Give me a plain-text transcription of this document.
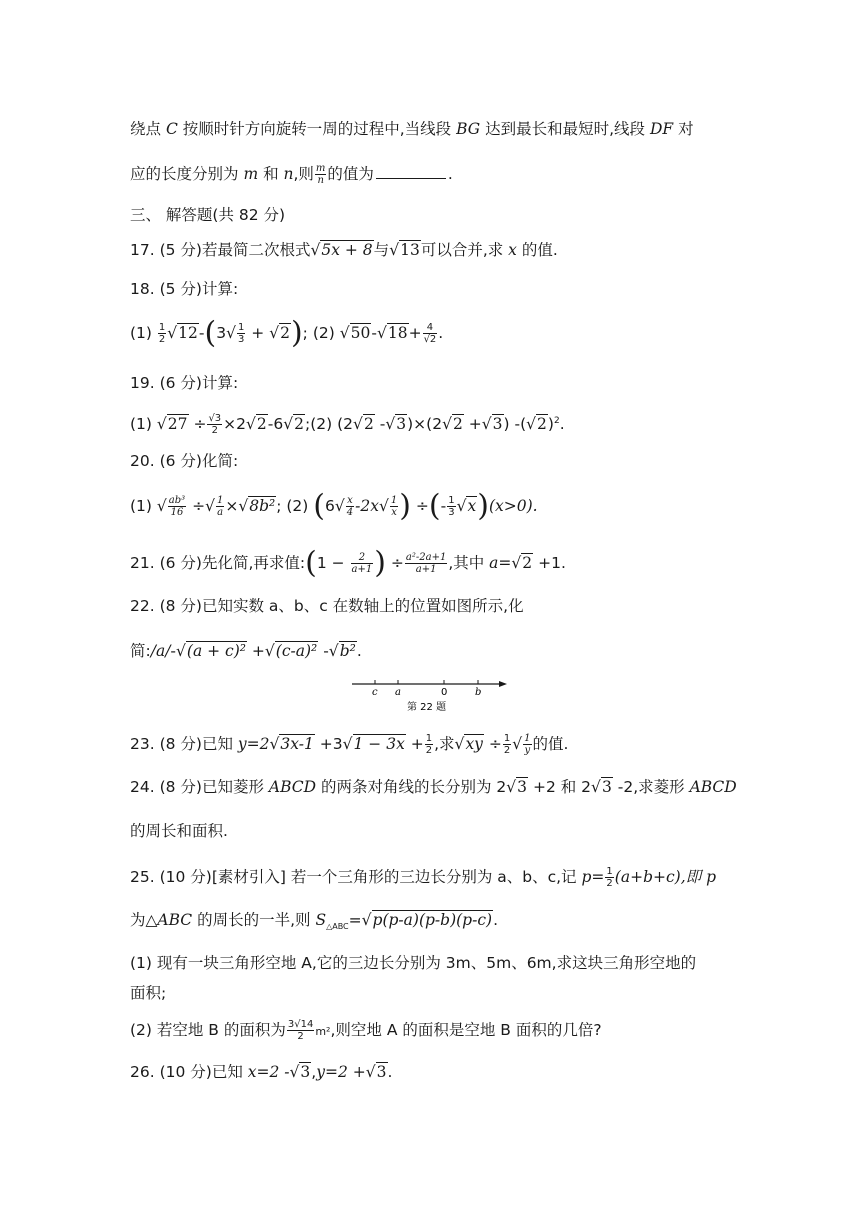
绕点 C 按顺时针方向旋转一周的过程中,当线段 BG 达到最长和最短时,线段 DF 对
应的长度分别为 m 和 n,则 $\frac{m}{n}$ 的值为	.
三、 解答题(共 82 分)
17. (5 分)若最简二次根式√5x + 8与√13可以合并,求 x 的值.
18. (5 分)计算:
$(1) \frac{1}{2} √12-(3√ \frac{1}{3} + √2)$; (2) $√50-√18+ \frac{4}{√2}$ .
19. (6 分)计算:
(1) $√27 \div \frac{√3}{2}$ ×2√2-6√2;(2) (2√2 -√3)×(2√2 +√3) $-(√2)^2$.
20. (6 分)化简:
(1) √ $\frac{\text{ab³}}{16}$ ÷√ $\frac{1}{a} \times√8b^2$; (2) ($6√ \frac{x}{4} -2x√ \frac{1}{x}$ ) ÷(- $\frac{1}{3} √x)(x>0)$.
21. (6 分)先化简,再求值:(1 − $\frac{2}{a+1}$ ) ÷ $\frac{\text{a²-2a+1}}{a+1}$ ,其中 a=√2 +1.
22. (8 分)已知实数 a、b、c 在数轴上的位置如图所示,化
简:/a/-√(a + c)² +√(c-a)² -√b².
c a	0	b
第 22 题
23. (8 分)已知 $y=2√3x-1 +3√1 - 3x + \frac{1}{2}$ ,求$√xy \div \frac{1}{2}$ √ $\frac{1}{y}$ 的值.
24. (8 分)已知菱形 ABCD 的两条对角线的长分别为 2√3 +2 和 2√3 -2,求菱形 ABCD
的周长和面积.
25. (10 分)[素材引入] 若一个三角形的三边长分别为 a、b、c,记 $p= \frac{1}{2} (a+b+c)$,即 p
为△ABC 的周长的一半,则 $S_{\triangle ABC}=√p(p-a)(p-b)(p-c)$.
(1) 现有一块三角形空地 A,它的三边长分别为 3m、5m、6m,求这块三角形空地的
面积;
(2) 若空地 B 的面积为 $\frac{3√14}{2} m^2$,则空地 A 的面积是空地 B 面积的几倍?
26. (10 分)已知 x=2 -√3,y=2 +√3.
